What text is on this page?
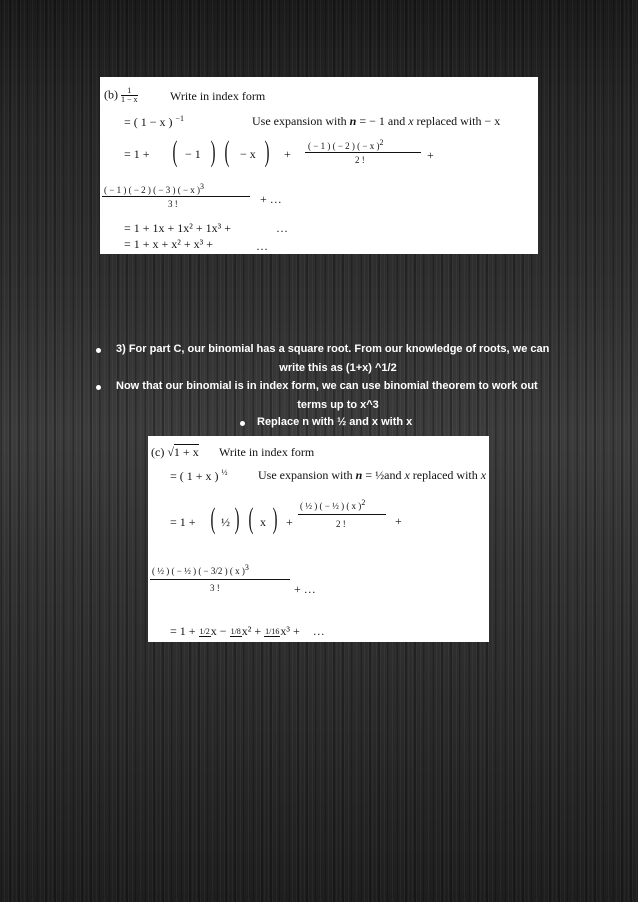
$(b) \frac{1}{1 - x}$	Write in index form
= ( 1 − x ) $^{-1}$	Use expansion with n = − 1 and x replaced with − x
= 1 + ( − 1 ) ( − x ) +
( − 1 ) ( − 2 ) ( − x )$^2$
2 !	+
( − 1 ) ( − 2 ) ( − 3 ) ( − x )$^3$
3 !	+ …
= 1 + 1x + 1x² + 1x³ +	…
= 1 + x + x² + x³ +	…
3) For part C, our binomial has a square root. From our knowledge of roots, we can
write this as (1+x) ^1/2
Now that our binomial is in index form, we can use binomial theorem to work out
terms up to x^3
Replace n with ½ and x with x
(c) √1 + x Write in index form
= ( 1 + x ) $^{\frac{1}{2}}$	Use expansion with n = ½and x replaced with x
= 1 + ( ½ ) ( x ) +
( ½ ) ( − ½ ) ( x )$^2$
2 !	+
( ½ ) ( − ½ ) ( − 3/2 ) ( x )$^3$
3 !	+ …
= 1 + 1/2 x − 1/8 x² + 1/16 x³ + …
